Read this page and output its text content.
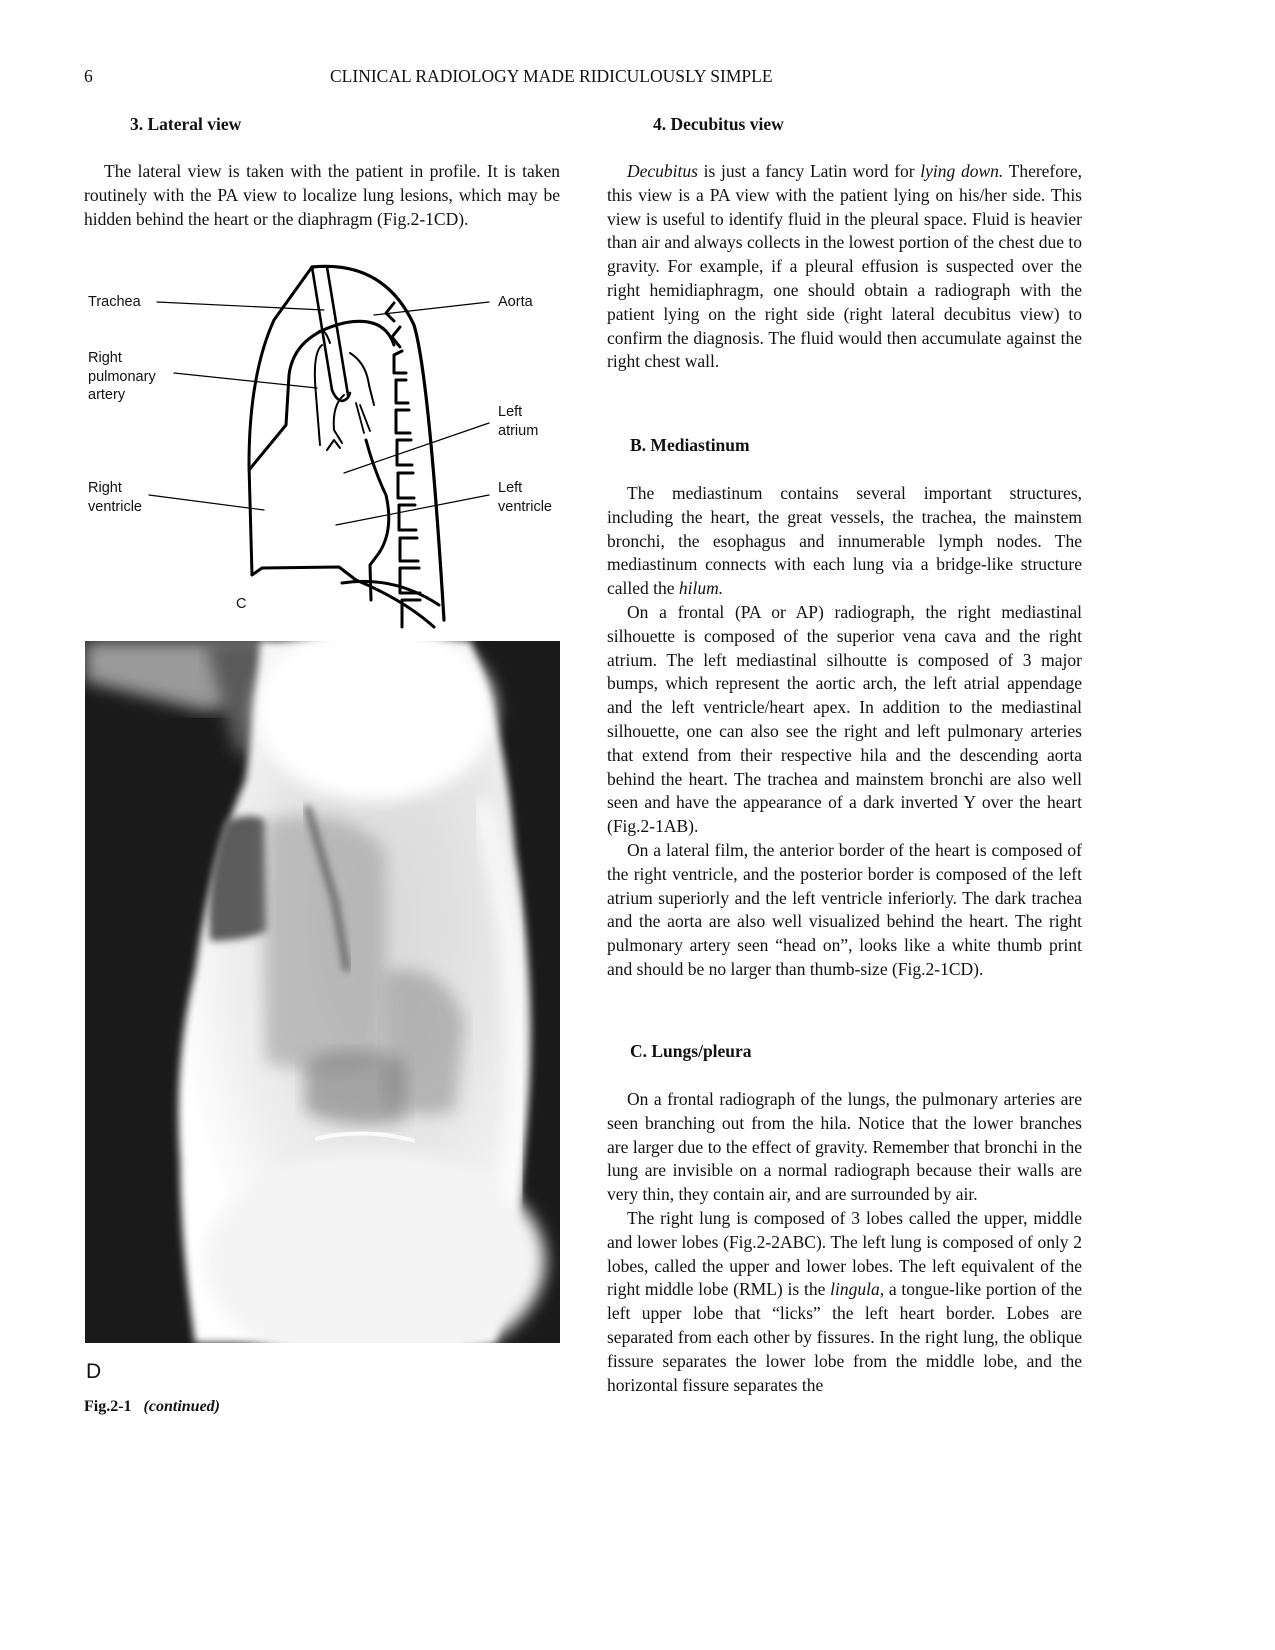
6	CLINICAL RADIOLOGY MADE RIDICULOUSLY SIMPLE
3. Lateral view

The lateral view is taken with the patient in profile. It is taken routinely with the PA view to localize lung lesions, which may be hidden behind the heart or the diaphragm (Fig.2-1CD).

Trachea	Aorta
Right
pulmonary
artery
Left
atrium
Right
ventricle
Left
ventricle
C
D
Fig.2-1 (continued)
4. Decubitus view

Decubitus is just a fancy Latin word for lying down. Therefore, this view is a PA view with the patient lying on his/her side. This view is useful to identify fluid in the pleural space. Fluid is heavier than air and always collects in the lowest portion of the chest due to gravity. For example, if a pleural effusion is suspected over the right hemidiaphragm, one should obtain a radiograph with the patient lying on the right side (right lateral decubitus view) to confirm the diagnosis. The fluid would then accumulate against the right chest wall.

B. Mediastinum

The mediastinum contains several important structures, including the heart, the great vessels, the trachea, the mainstem bronchi, the esophagus and innumerable lymph nodes. The mediastinum connects with each lung via a bridge-like structure called the hilum.

On a frontal (PA or AP) radiograph, the right mediastinal silhouette is composed of the superior vena cava and the right atrium. The left mediastinal silhoutte is composed of 3 major bumps, which represent the aortic arch, the left atrial appendage and the left ventricle/heart apex. In addition to the mediastinal silhouette, one can also see the right and left pulmonary arteries that extend from their respective hila and the descending aorta behind the heart. The trachea and mainstem bronchi are also well seen and have the appearance of a dark inverted Y over the heart (Fig.2-1AB).

On a lateral film, the anterior border of the heart is composed of the right ventricle, and the posterior border is composed of the left atrium superiorly and the left ventricle inferiorly. The dark trachea and the aorta are also well visualized behind the heart. The right pulmonary artery seen “head on”, looks like a white thumb print and should be no larger than thumb-size (Fig.2-1CD).

C. Lungs/pleura

On a frontal radiograph of the lungs, the pulmonary arteries are seen branching out from the hila. Notice that the lower branches are larger due to the effect of gravity. Remember that bronchi in the lung are invisible on a normal radiograph because their walls are very thin, they contain air, and are surrounded by air.

The right lung is composed of 3 lobes called the upper, middle and lower lobes (Fig.2-2ABC). The left lung is composed of only 2 lobes, called the upper and lower lobes. The left equivalent of the right middle lobe (RML) is the lingula, a tongue-like portion of the left upper lobe that “licks” the left heart border. Lobes are separated from each other by fissures. In the right lung, the oblique fissure separates the lower lobe from the middle lobe, and the horizontal fissure separates the
